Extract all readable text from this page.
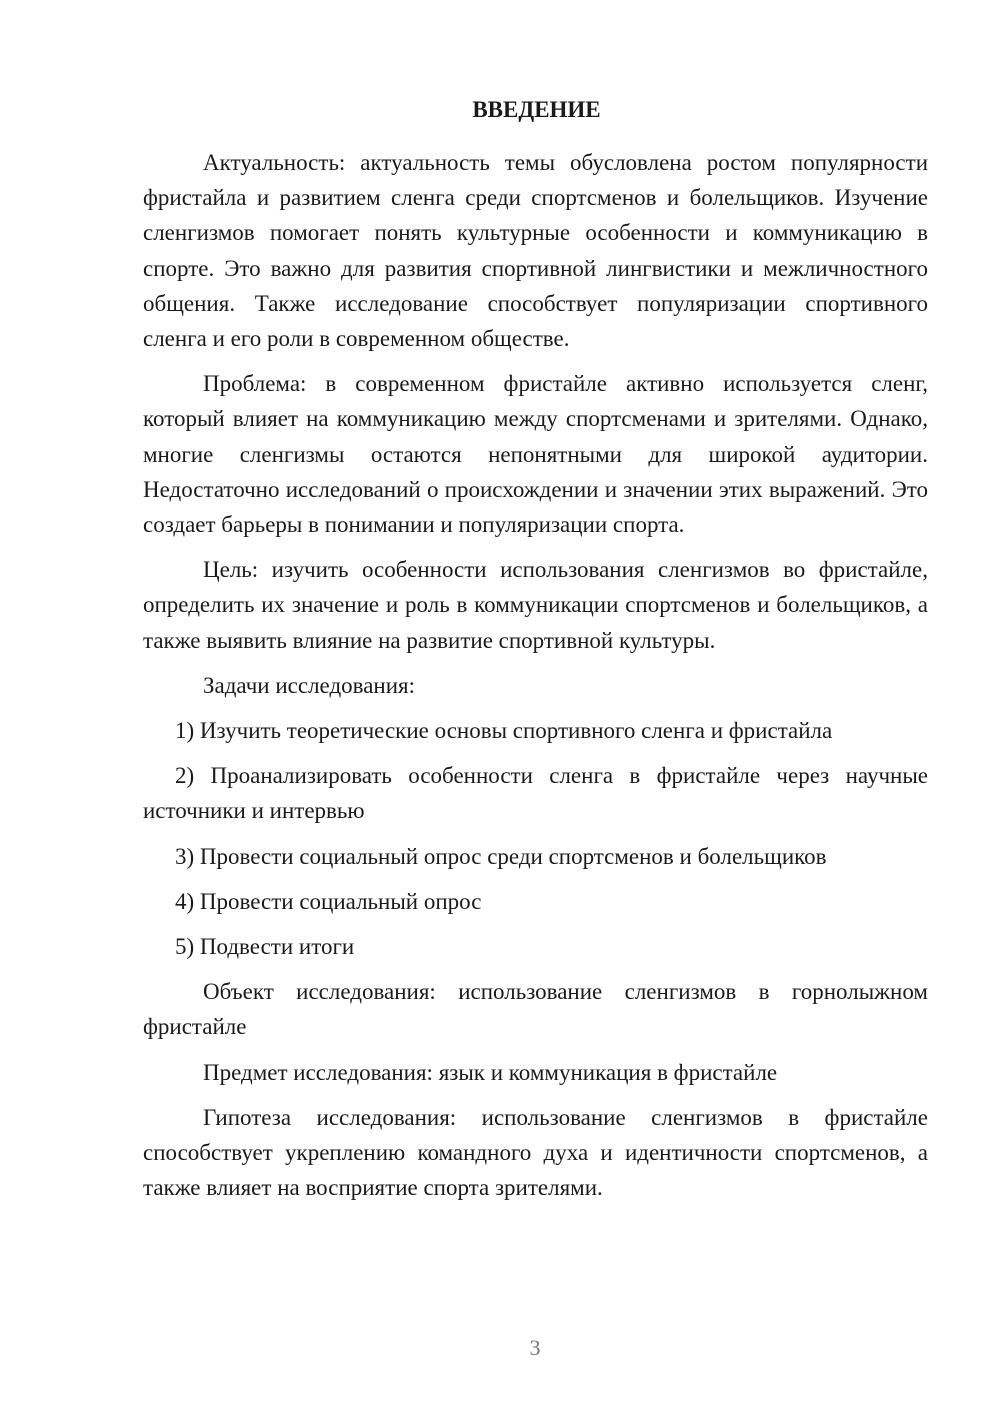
ВВЕДЕНИЕ

Актуальность: актуальность темы обусловлена ростом популярности фристайла и развитием сленга среди спортсменов и болельщиков. Изучение сленгизмов помогает понять культурные особенности и коммуникацию в спорте. Это важно для развития спортивной лингвистики и межличностного общения. Также исследование способствует популяризации спортивного сленга и его роли в современном обществе.

Проблема: в современном фристайле активно используется сленг, который влияет на коммуникацию между спортсменами и зрителями. Однако, многие сленгизмы остаются непонятными для широкой аудитории. Недостаточно исследований о происхождении и значении этих выражений. Это создает барьеры в понимании и популяризации спорта.

Цель: изучить особенности использования сленгизмов во фристайле, определить их значение и роль в коммуникации спортсменов и болельщиков, а также выявить влияние на развитие спортивной культуры.

Задачи исследования:

1) Изучить теоретические основы спортивного сленга и фристайла

2) Проанализировать особенности сленга в фристайле через научные источники и интервью

3) Провести социальный опрос среди спортсменов и болельщиков

4) Провести социальный опрос

5) Подвести итоги

Объект исследования: использование сленгизмов в горнолыжном фристайле

Предмет исследования: язык и коммуникация в фристайле

Гипотеза исследования: использование сленгизмов в фристайле способствует укреплению командного духа и идентичности спортсменов, а также влияет на восприятие спорта зрителями.

3
